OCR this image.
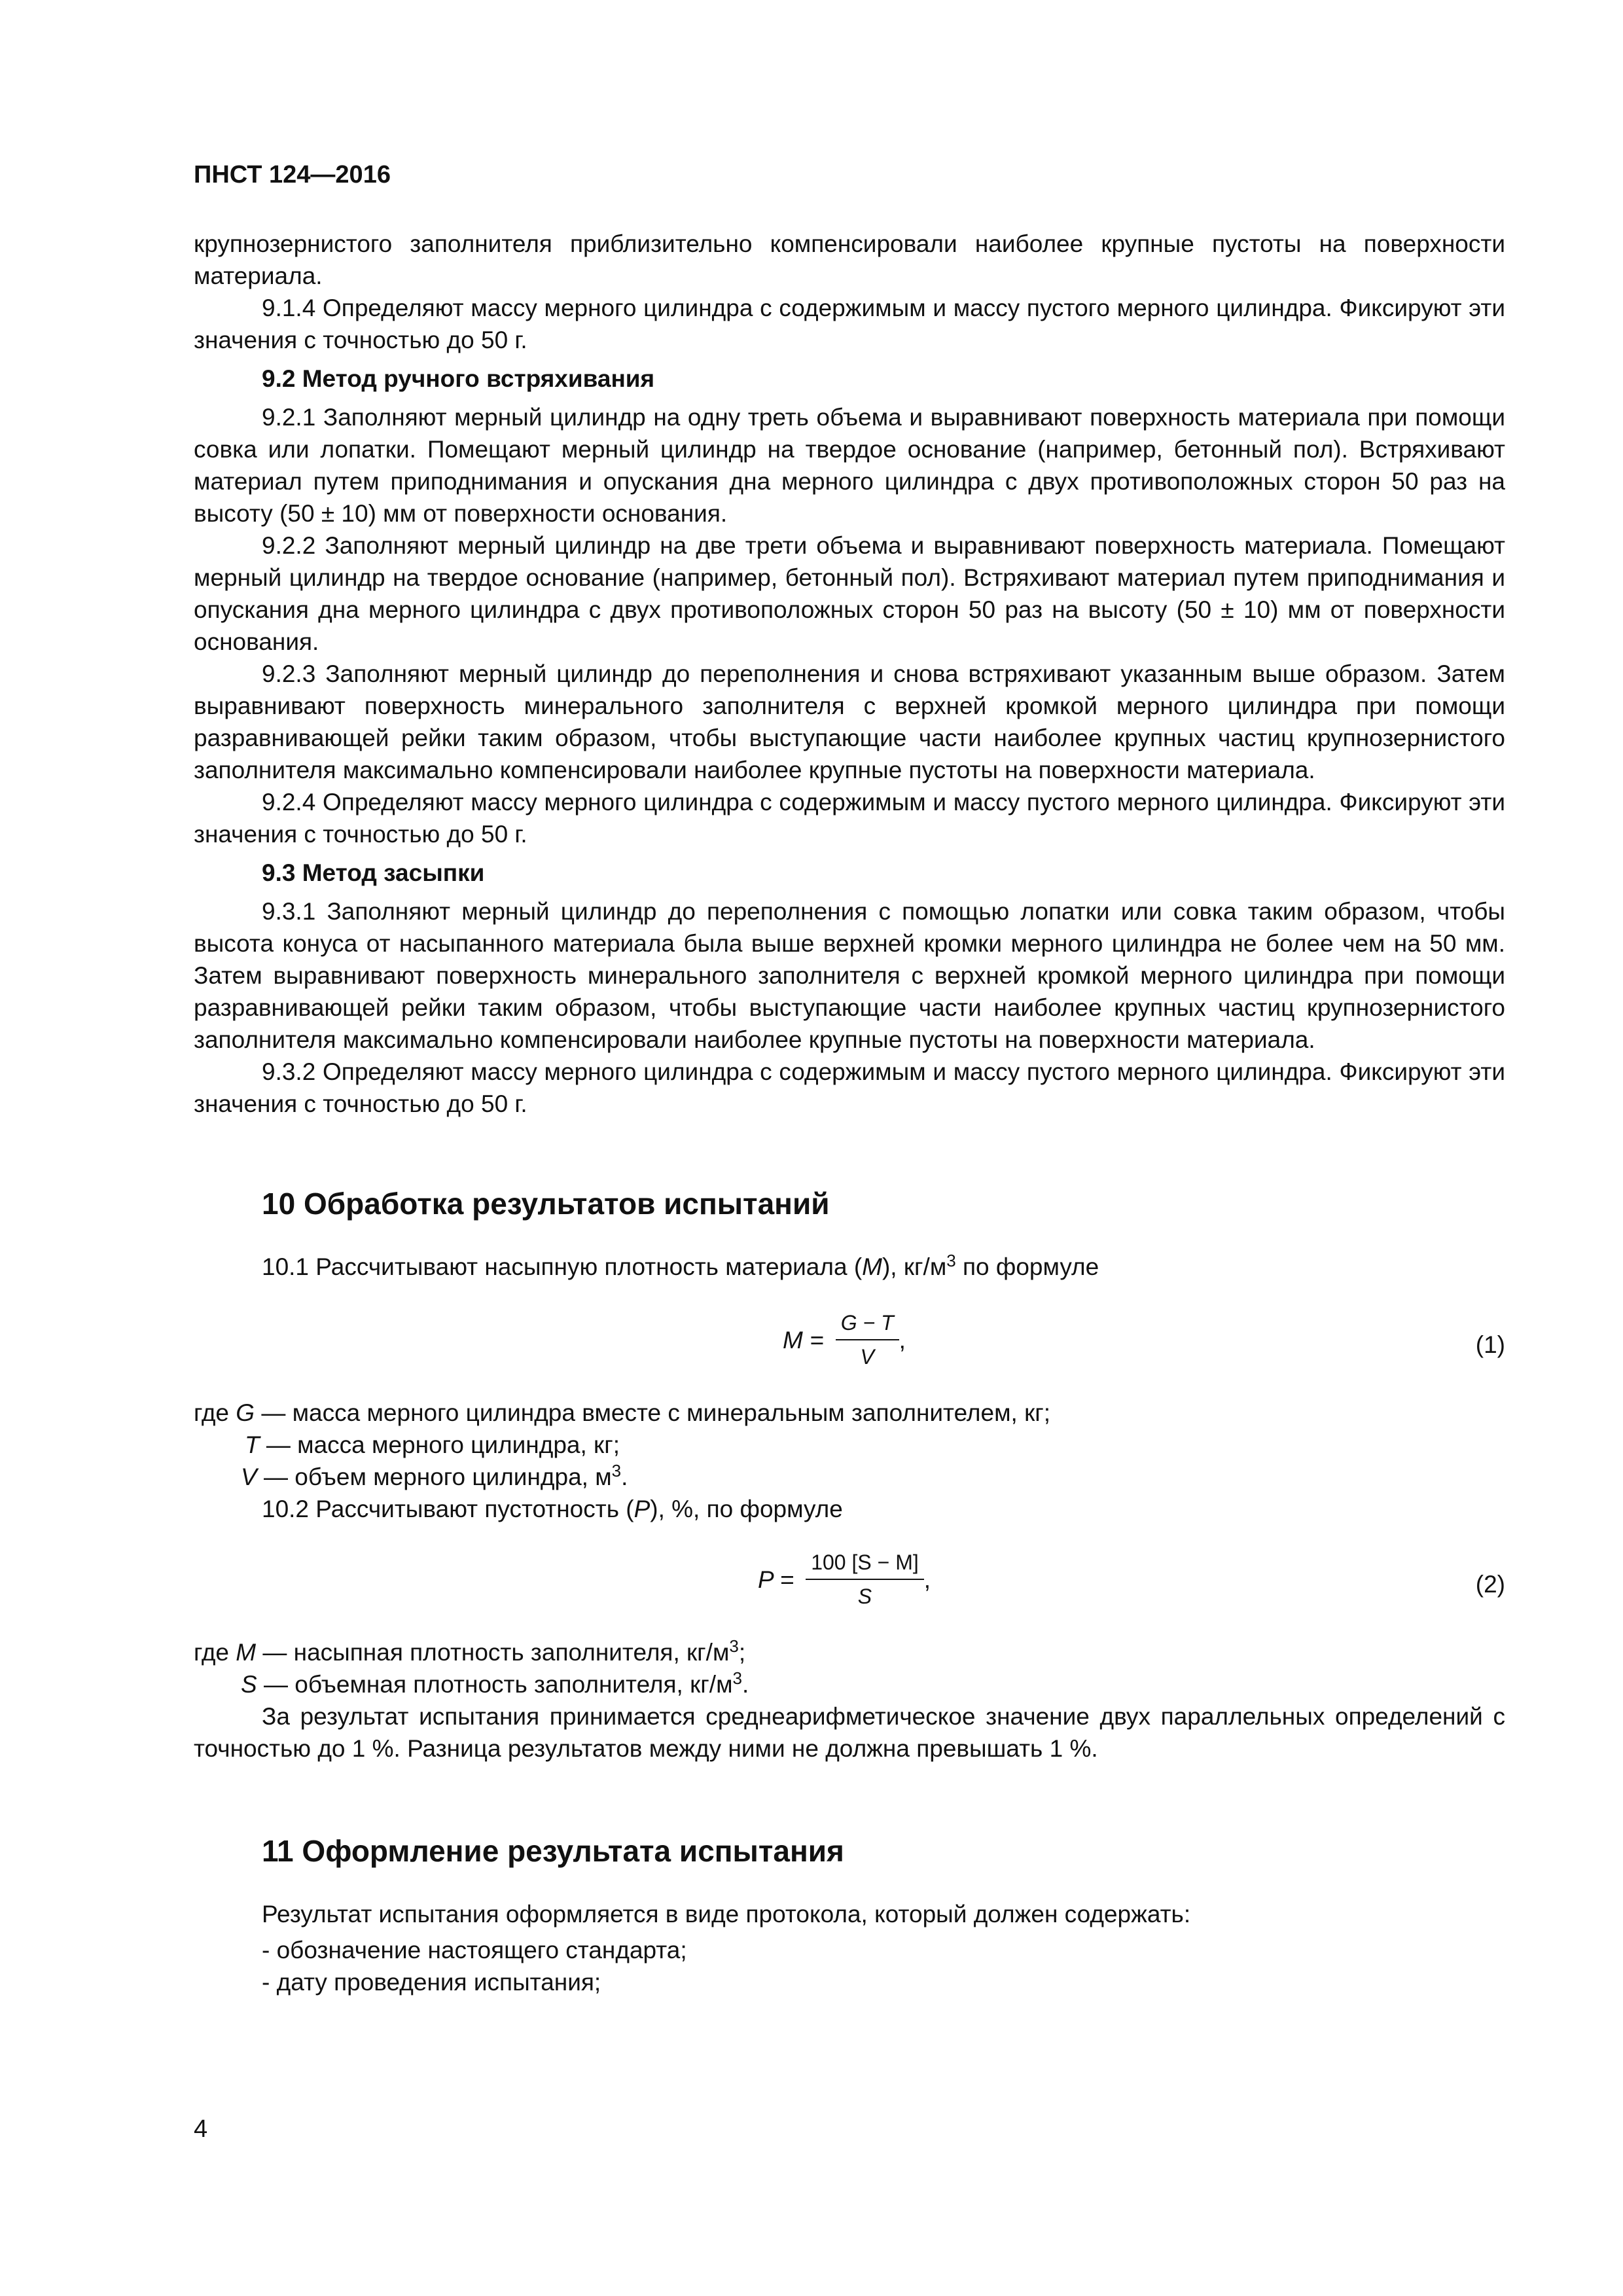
ПНСТ 124—2016

крупнозернистого заполнителя приблизительно компенсировали наиболее крупные пустоты на поверхности материала.

9.1.4 Определяют массу мерного цилиндра с содержимым и массу пустого мерного цилиндра. Фиксируют эти значения с точностью до 50 г.

9.2 Метод ручного встряхивания

9.2.1 Заполняют мерный цилиндр на одну треть объема и выравнивают поверхность материала при помощи совка или лопатки. Помещают мерный цилиндр на твердое основание (например, бетонный пол). Встряхивают материал путем приподнимания и опускания дна мерного цилиндра с двух противоположных сторон 50 раз на высоту (50 ± 10) мм от поверхности основания.

9.2.2 Заполняют мерный цилиндр на две трети объема и выравнивают поверхность материала. Помещают мерный цилиндр на твердое основание (например, бетонный пол). Встряхивают материал путем приподнимания и опускания дна мерного цилиндра с двух противоположных сторон 50 раз на высоту (50 ± 10) мм от поверхности основания.

9.2.3 Заполняют мерный цилиндр до переполнения и снова встряхивают указанным выше образом. Затем выравнивают поверхность минерального заполнителя с верхней кромкой мерного цилиндра при помощи разравнивающей рейки таким образом, чтобы выступающие части наиболее крупных частиц крупнозернистого заполнителя максимально компенсировали наиболее крупные пустоты на поверхности материала.

9.2.4 Определяют массу мерного цилиндра с содержимым и массу пустого мерного цилиндра. Фиксируют эти значения с точностью до 50 г.

9.3 Метод засыпки

9.3.1 Заполняют мерный цилиндр до переполнения с помощью лопатки или совка таким образом, чтобы высота конуса от насыпанного материала была выше верхней кромки мерного цилиндра не более чем на 50 мм. Затем выравнивают поверхность минерального заполнителя с верхней кромкой мерного цилиндра при помощи разравнивающей рейки таким образом, чтобы выступающие части наиболее крупных частиц крупнозернистого заполнителя максимально компенсировали наиболее крупные пустоты на поверхности материала.

9.3.2 Определяют массу мерного цилиндра с содержимым и массу пустого мерного цилиндра. Фиксируют эти значения с точностью до 50 г.

10 Обработка результатов испытаний

10.1 Рассчитывают насыпную плотность материала (M), $кг/м^3$ по формуле

$M = \frac{G - T}{V}$ ,	(1)

где G — масса мерного цилиндра вместе с минеральным заполнителем, кг;

T — масса мерного цилиндра, кг;

V — объем мерного цилиндра, $м^3$.

10.2 Рассчитывают пустотность (P), %, по формуле

$P = \frac{100 [S - M]}{S}$ ,	(2)

где M — насыпная плотность заполнителя, $кг/м^3$;

S — объемная плотность заполнителя, $кг/м^3$.

За результат испытания принимается среднеарифметическое значение двух параллельных определений с точностью до 1 %. Разница результатов между ними не должна превышать 1 %.

11 Оформление результата испытания

Результат испытания оформляется в виде протокола, который должен содержать:

- обозначение настоящего стандарта;

- дату проведения испытания;

4
